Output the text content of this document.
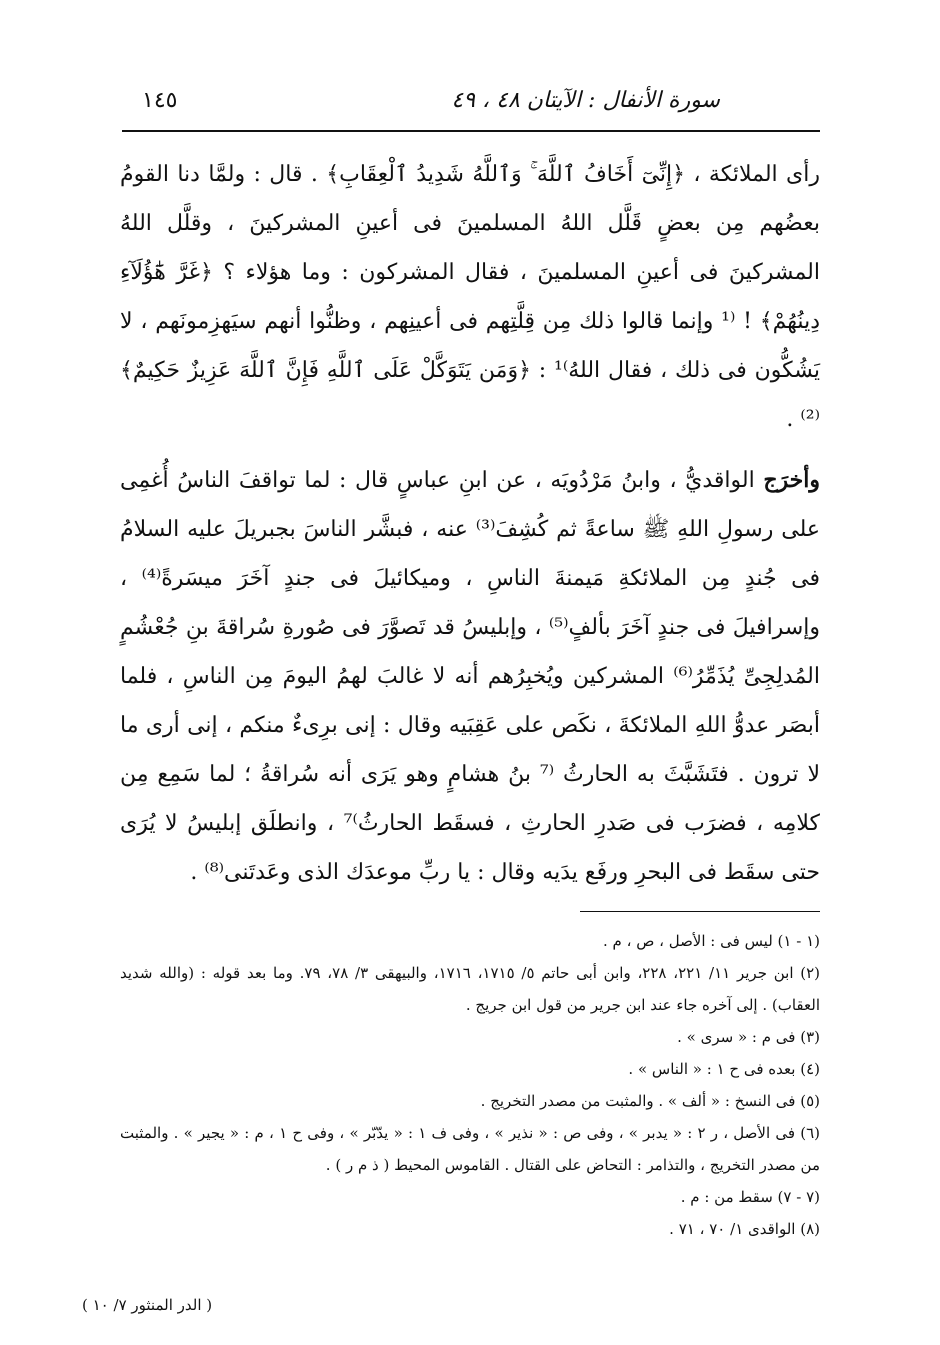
سورة الأنفال : الآيتان ٤٨ ، ٤٩
١٤٥

رأى الملائكة ، ﴿إِنِّىٓ أَخَافُ ٱللَّهَ ۚ وَٱللَّهُ شَدِيدُ ٱلْعِقَابِ﴾ . قال : ولمَّا دنا القومُ بعضُهم مِن بعضٍ قَلَّل اللهُ المسلمينَ فى أعينِ المشركينَ ، وقلَّل اللهُ المشركينَ فى أعينِ المسلمينَ ، فقال المشركون : وما هؤلاء ؟ ﴿غَرَّ هَٰٓؤُلَآءِ دِينُهُمْ﴾ ! ⁽¹ وإنما قالوا ذلك مِن قِلَّتِهم فى أعينِهم ، وظنُّوا أنهم سيَهزِمونَهم ، لا يَشُكُّون فى ذلك ، فقال اللهُ⁾¹ : ﴿وَمَن يَتَوَكَّلْ عَلَى ٱللَّهِ فَإِنَّ ٱللَّهَ عَزِيزٌ حَكِيمٌ﴾⁽²⁾ .

وأخرَج الواقديُّ ، وابنُ مَرْدُويَه ، عن ابنِ عباسٍ قال : لما تواقفَ الناسُ أُغمِى على رسولِ اللهِ ﷺ ساعةً ثم كُشِفَ⁽³⁾ عنه ، فبشَّر الناسَ بجبريلَ عليه السلامُ فى جُندٍ مِن الملائكةِ مَيمنةَ الناسِ ، وميكائيلَ فى جندٍ آخَرَ ميسَرةً⁽⁴⁾ ، وإسرافيلَ فى جندٍ آخَرَ بألفٍ⁽⁵⁾ ، وإبليسُ قد تَصوَّرَ فى صُورةِ سُراقةَ بنِ جُعْشُمٍ المُدلِجِىِّ يُذَمِّرُ⁽⁶⁾ المشركين ويُخبِرُهم أنه لا غالبَ لهمُ اليومَ مِن الناسِ ، فلما أبصَر عدوُّ اللهِ الملائكةَ ، نكَص على عَقِبَيه وقال : إنى برِىءٌ منكم ، إنى أرى ما لا ترون . فتَشَبَّثَ به الحارثُ ⁽⁷ بنُ هشامٍ وهو يَرَى أنه سُراقةُ ؛ لما سَمِع مِن كلامِه ، فضرَب فى صَدرِ الحارثِ ، فسقَط الحارثُ⁾⁷ ، وانطلَق إبليسُ لا يُرَى حتى سقَط فى البحرِ ورفَع يدَيه وقال : يا ربِّ موعدَك الذى وعَدتَنى⁽⁸⁾ .

(١ - ١) ليس فى : الأصل ، ص ، م .

(٢) ابن جرير ١١/ ٢٢١، ٢٢٨، وابن أبى حاتم ٥/ ١٧١٥، ١٧١٦، والبيهقى ٣/ ٧٨، ٧٩. وما بعد قوله : (والله شديد العقاب) . إلى آخره جاء عند ابن جرير من قول ابن جريج .

(٣) فى م : « سرى » .

(٤) بعده فى ح ١ : « الناس » .

(٥) فى النسخ : « ألف » . والمثبت من مصدر التخريج .

(٦) فى الأصل ، ر ٢ : « يدبر » ، وفى ص : « نذير » ، وفى ف ١ : « يدّبّر » ، وفى ح ١ ، م : « يجير » . والمثبت من مصدر التخريج ، والتذامر : التحاض على القتال . القاموس المحيط ( ذ م ر ) .

(٧ - ٧) سقط من : م .

(٨) الواقدى ١/ ٧٠ ، ٧١ .

( الدر المنثور ٧/ ١٠ )
